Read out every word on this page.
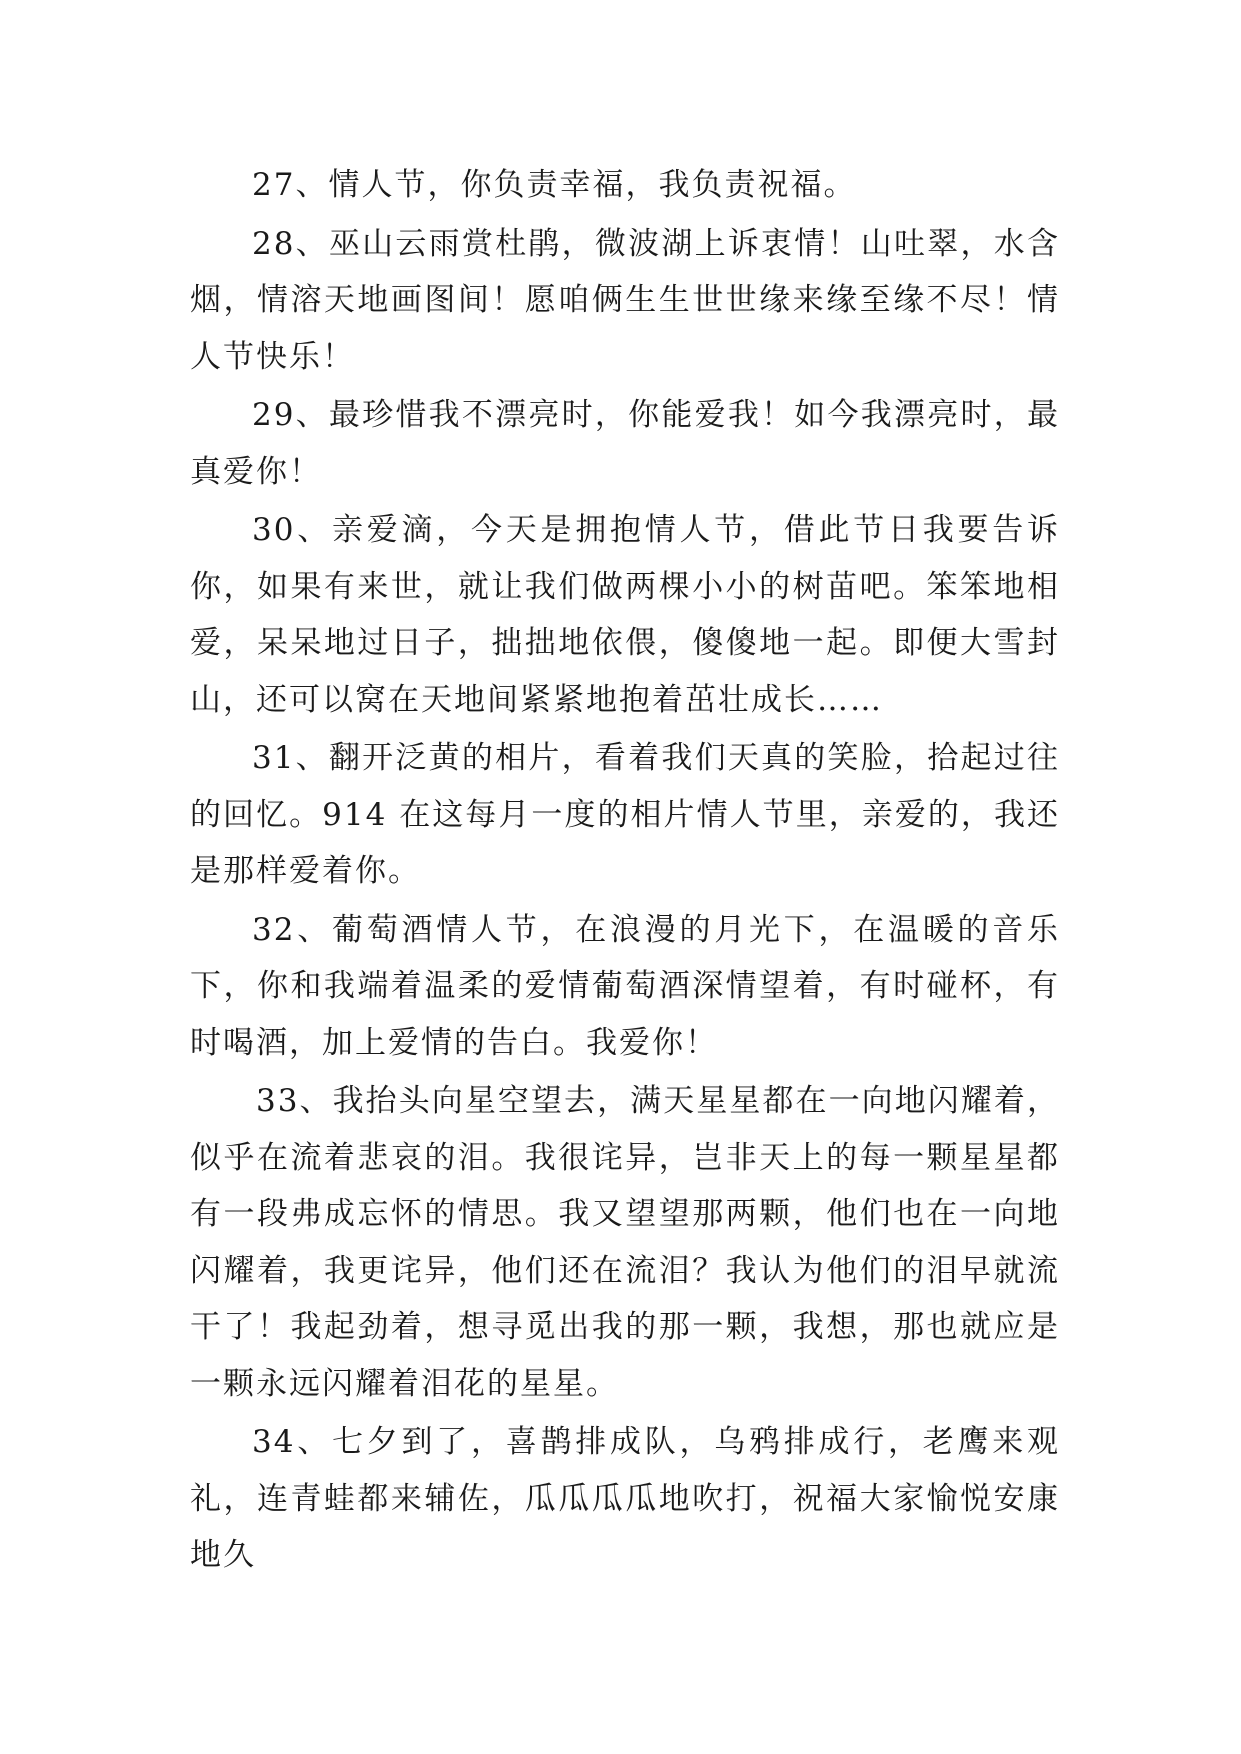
27、情人节，你负责幸福，我负责祝福。

28、巫山云雨赏杜鹃，微波湖上诉衷情！山吐翠，水含烟，情溶天地画图间！愿咱俩生生世世缘来缘至缘不尽！情人节快乐！

29、最珍惜我不漂亮时，你能爱我！如今我漂亮时，最真爱你！

30、亲爱滴，今天是拥抱情人节，借此节日我要告诉你，如果有来世，就让我们做两棵小小的树苗吧。笨笨地相爱，呆呆地过日子，拙拙地依偎，傻傻地一起。即便大雪封山，还可以窝在天地间紧紧地抱着茁壮成长……

31、翻开泛黄的相片，看着我们天真的笑脸，拾起过往的回忆。914 在这每月一度的相片情人节里，亲爱的，我还是那样爱着你。

32、葡萄酒情人节，在浪漫的月光下，在温暖的音乐下，你和我端着温柔的爱情葡萄酒深情望着，有时碰杯，有时喝酒，加上爱情的告白。我爱你！

33、我抬头向星空望去，满天星星都在一向地闪耀着，似乎在流着悲哀的泪。我很诧异，岂非天上的每一颗星星都有一段弗成忘怀的情思。我又望望那两颗，他们也在一向地闪耀着，我更诧异，他们还在流泪？我认为他们的泪早就流干了！我起劲着，想寻觅出我的那一颗，我想，那也就应是一颗永远闪耀着泪花的星星。

34、七夕到了，喜鹊排成队，乌鸦排成行，老鹰来观礼，连青蛙都来辅佐，瓜瓜瓜瓜地吹打，祝福大家愉悦安康地久
